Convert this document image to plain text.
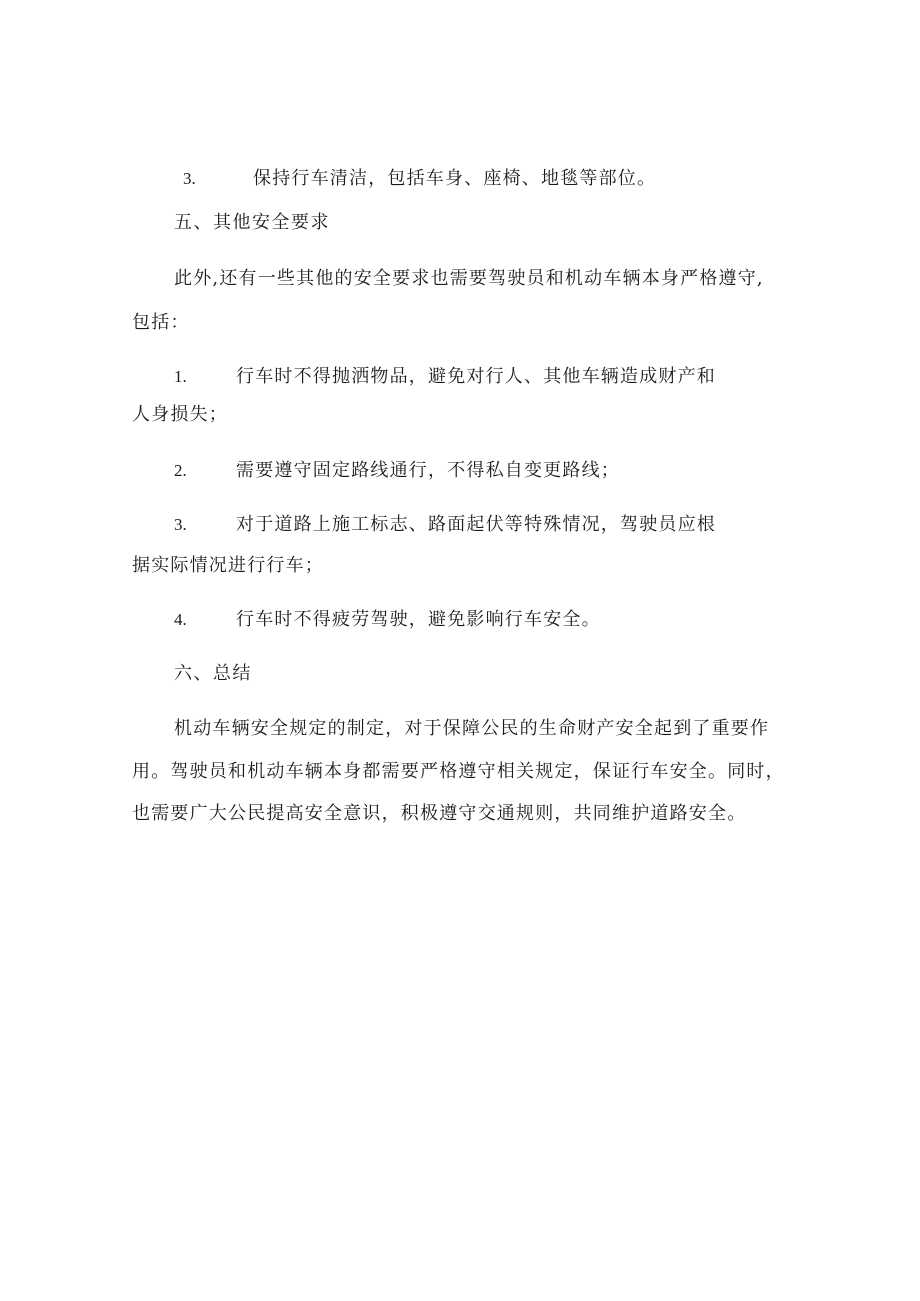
3.	保持行车清洁，包括车身、座椅、地毯等部位。
五、其他安全要求
此外,还有一些其他的安全要求也需要驾驶员和机动车辆本身严格遵守,
包括：
1.	行车时不得抛洒物品，避免对行人、其他车辆造成财产和
人身损失；
2.	需要遵守固定路线通行，不得私自变更路线；
3.	对于道路上施工标志、路面起伏等特殊情况，驾驶员应根
据实际情况进行行车；
4.	行车时不得疲劳驾驶，避免影响行车安全。
六、总结
机动车辆安全规定的制定，对于保障公民的生命财产安全起到了重要作
用。驾驶员和机动车辆本身都需要严格遵守相关规定，保证行车安全。同时，
也需要广大公民提高安全意识，积极遵守交通规则，共同维护道路安全。
